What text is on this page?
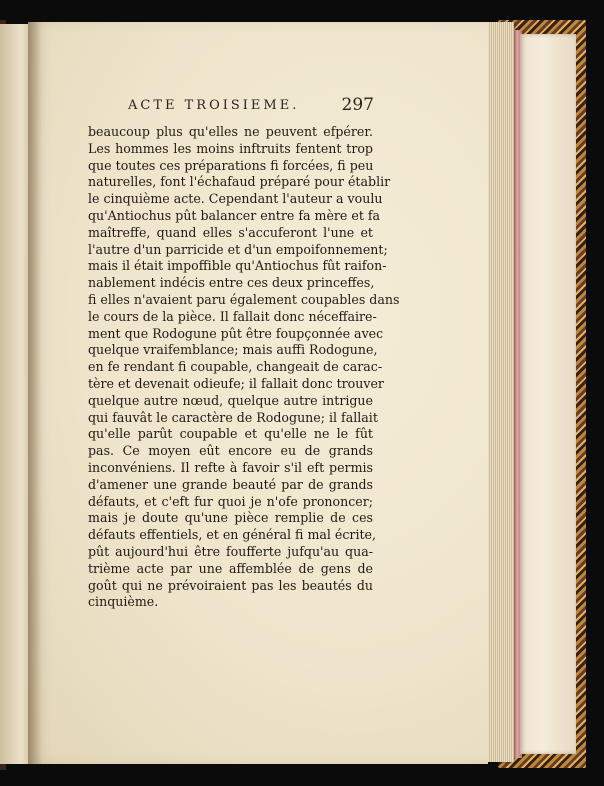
ACTE TROISIEME. 297
beaucoup plus qu'elles ne peuvent efpérer.
Les hommes les moins inftruits fentent trop
que toutes ces préparations fi forcées, fi peu
naturelles, font l'échafaud préparé pour établir
le cinquième acte. Cependant l'auteur a voulu
qu'Antiochus pût balancer entre fa mère et fa
maîtreffe, quand elles s'accuferont l'une et
l'autre d'un parricide et d'un empoifonnement;
mais il était impoffible qu'Antiochus fût raifon-
nablement indécis entre ces deux princeffes,
fi elles n'avaient paru également coupables dans
le cours de la pièce. Il fallait donc néceffaire-
ment que Rodogune pût être foupçonnée avec
quelque vraifemblance; mais auffi Rodogune,
en fe rendant fi coupable, changeait de carac-
tère et devenait odieufe; il fallait donc trouver
quelque autre nœud, quelque autre intrigue
qui fauvât le caractère de Rodogune; il fallait
qu'elle parût coupable et qu'elle ne le fût
pas. Ce moyen eût encore eu de grands
inconvéniens. Il refte à favoir s'il eft permis
d'amener une grande beauté par de grands
défauts, et c'eft fur quoi je n'ofe prononcer;
mais je doute qu'une pièce remplie de ces
défauts effentiels, et en général fi mal écrite,
pût aujourd'hui être foufferte jufqu'au qua-
trième acte par une affemblée de gens de
goût qui ne prévoiraient pas les beautés du
cinquième.
